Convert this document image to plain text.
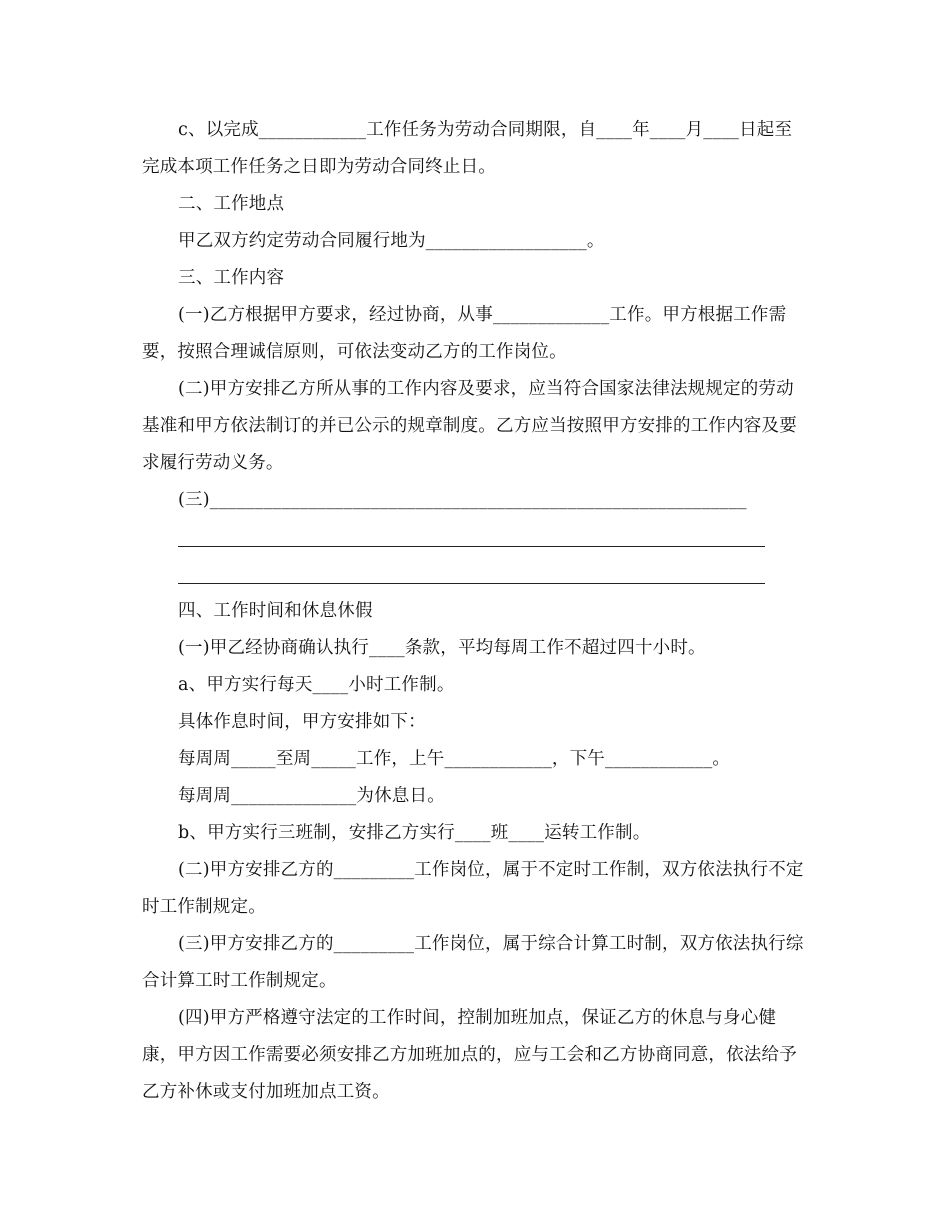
c、以完成____________工作任务为劳动合同期限，自____年____月____日起至完成本项工作任务之日即为劳动合同终止日。

二、工作地点

甲乙双方约定劳动合同履行地为__________________。

三、工作内容

(一)乙方根据甲方要求，经过协商，从事_____________工作。甲方根据工作需要，按照合理诚信原则，可依法变动乙方的工作岗位。

(二)甲方安排乙方所从事的工作内容及要求，应当符合国家法律法规规定的劳动基准和甲方依法制订的并已公示的规章制度。乙方应当按照甲方安排的工作内容及要求履行劳动义务。

(三)____________________________________________________________

四、工作时间和休息休假

(一)甲乙经协商确认执行____条款，平均每周工作不超过四十小时。

a、甲方实行每天____小时工作制。

具体作息时间，甲方安排如下：

每周周_____至周_____工作，上午____________，下午____________。

每周周______________为休息日。

b、甲方实行三班制，安排乙方实行____班____运转工作制。

(二)甲方安排乙方的_________工作岗位，属于不定时工作制，双方依法执行不定时工作制规定。

(三)甲方安排乙方的_________工作岗位，属于综合计算工时制，双方依法执行综合计算工时工作制规定。

(四)甲方严格遵守法定的工作时间，控制加班加点，保证乙方的休息与身心健康，甲方因工作需要必须安排乙方加班加点的，应与工会和乙方协商同意，依法给予乙方补休或支付加班加点工资。
